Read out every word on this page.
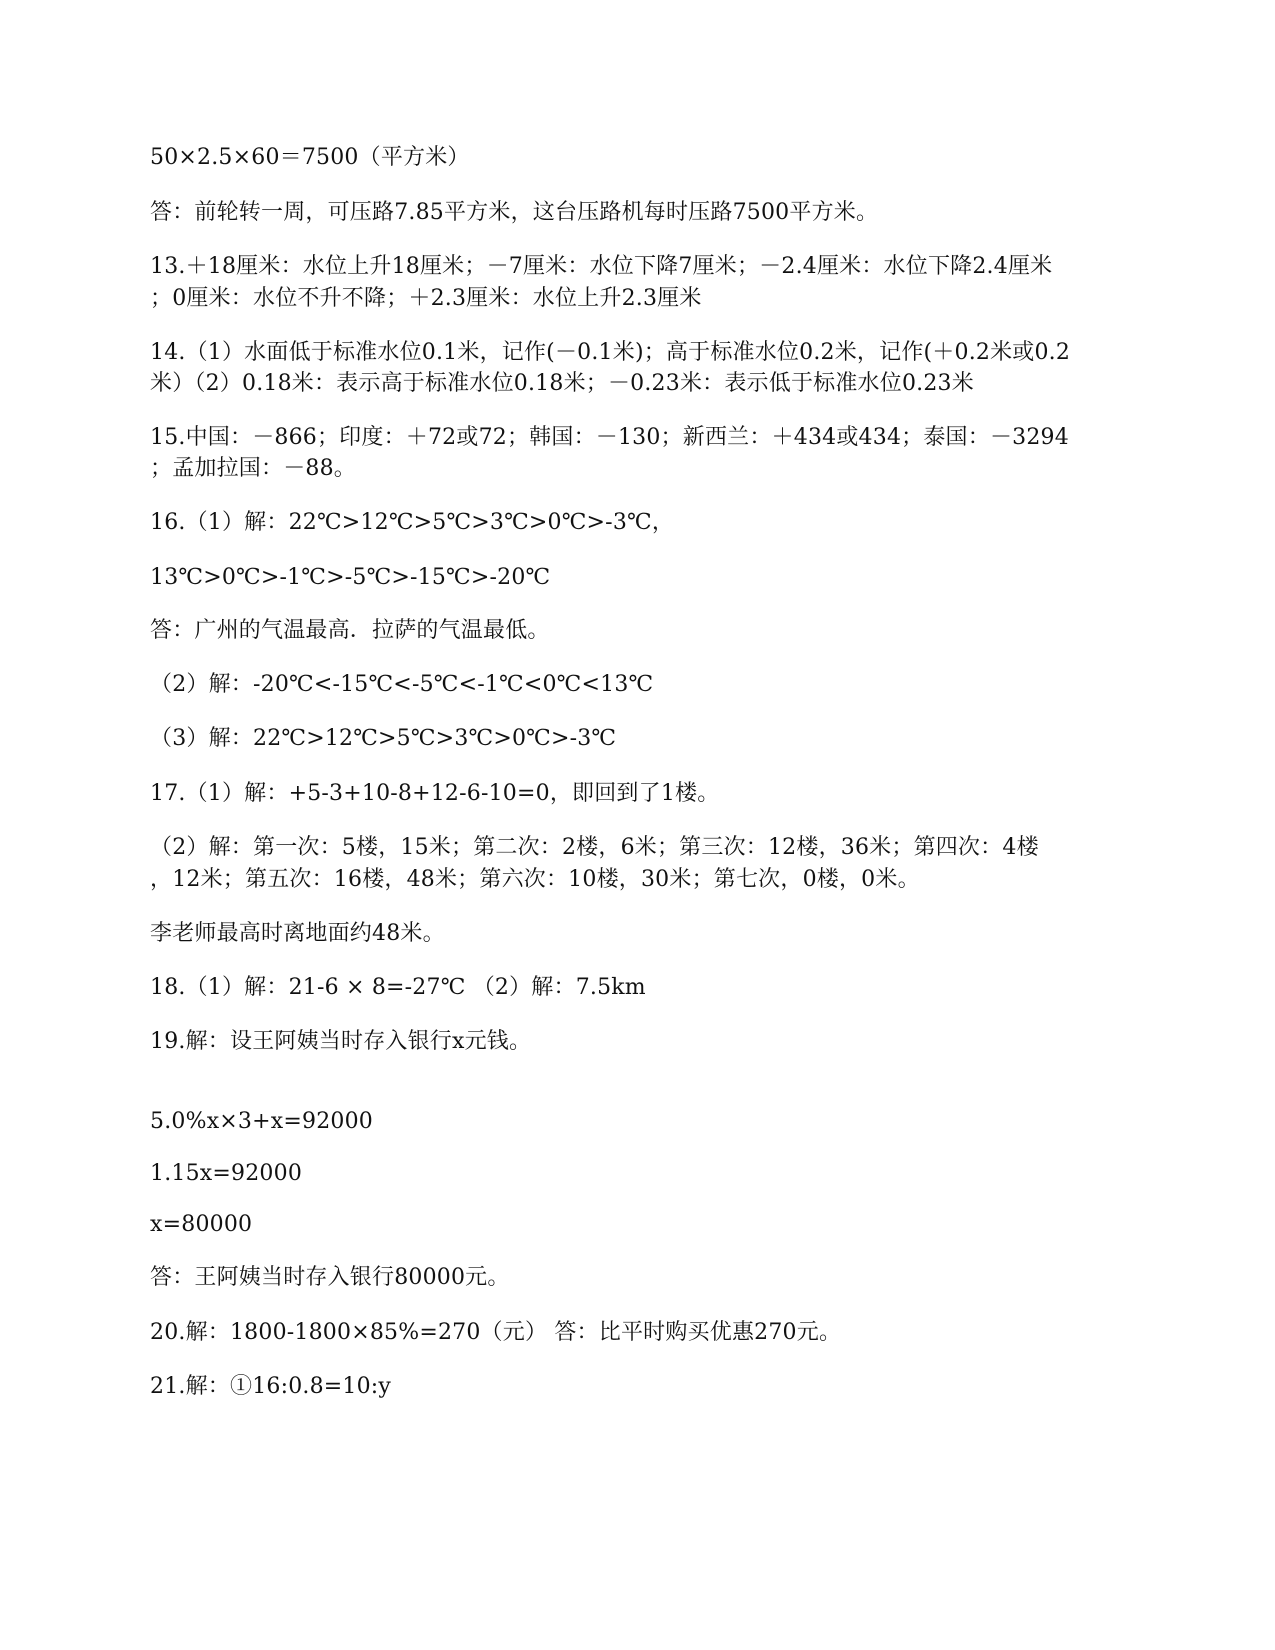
50×2.5×60＝7500（平方米）
答：前轮转一周，可压路7.85平方米，这台压路机每时压路7500平方米。
13.＋18厘米：水位上升18厘米；－7厘米：水位下降7厘米；－2.4厘米：水位下降2.4厘米
；0厘米：水位不升不降；＋2.3厘米：水位上升2.3厘米
14.（1）水面低于标准水位0.1米，记作(－0.1米)；高于标准水位0.2米，记作(＋0.2米或0.2
米）（2）0.18米：表示高于标准水位0.18米；－0.23米：表示低于标准水位0.23米
15.中国：－866；印度：＋72或72；韩国：－130；新西兰：＋434或434；泰国：－3294
；孟加拉国：－88。
16.（1）解：22℃>12℃>5℃>3℃>0℃>-3℃，
13℃>0℃>-1℃>-5℃>-15℃>-20℃
答：广州的气温最高．拉萨的气温最低。
（2）解：-20℃<-15℃<-5℃<-1℃<0℃<13℃
（3）解：22℃>12℃>5℃>3℃>0℃>-3℃
17.（1）解：+5-3+10-8+12-6-10=0，即回到了1楼。
（2）解：第一次：5楼，15米；第二次：2楼，6米；第三次：12楼，36米；第四次：4楼
，12米；第五次：16楼，48米；第六次：10楼，30米；第七次，0楼，0米。
李老师最高时离地面约48米。
18.（1）解：21-6 × 8=-27℃ （2）解：7.5km
19.解：设王阿姨当时存入银行x元钱。
5.0%x×3+x=92000
1.15x=92000
x=80000
答：王阿姨当时存入银行80000元。
20.解：1800-1800×85%=270（元） 答：比平时购买优惠270元。
21.解：①16:0.8=10:y
